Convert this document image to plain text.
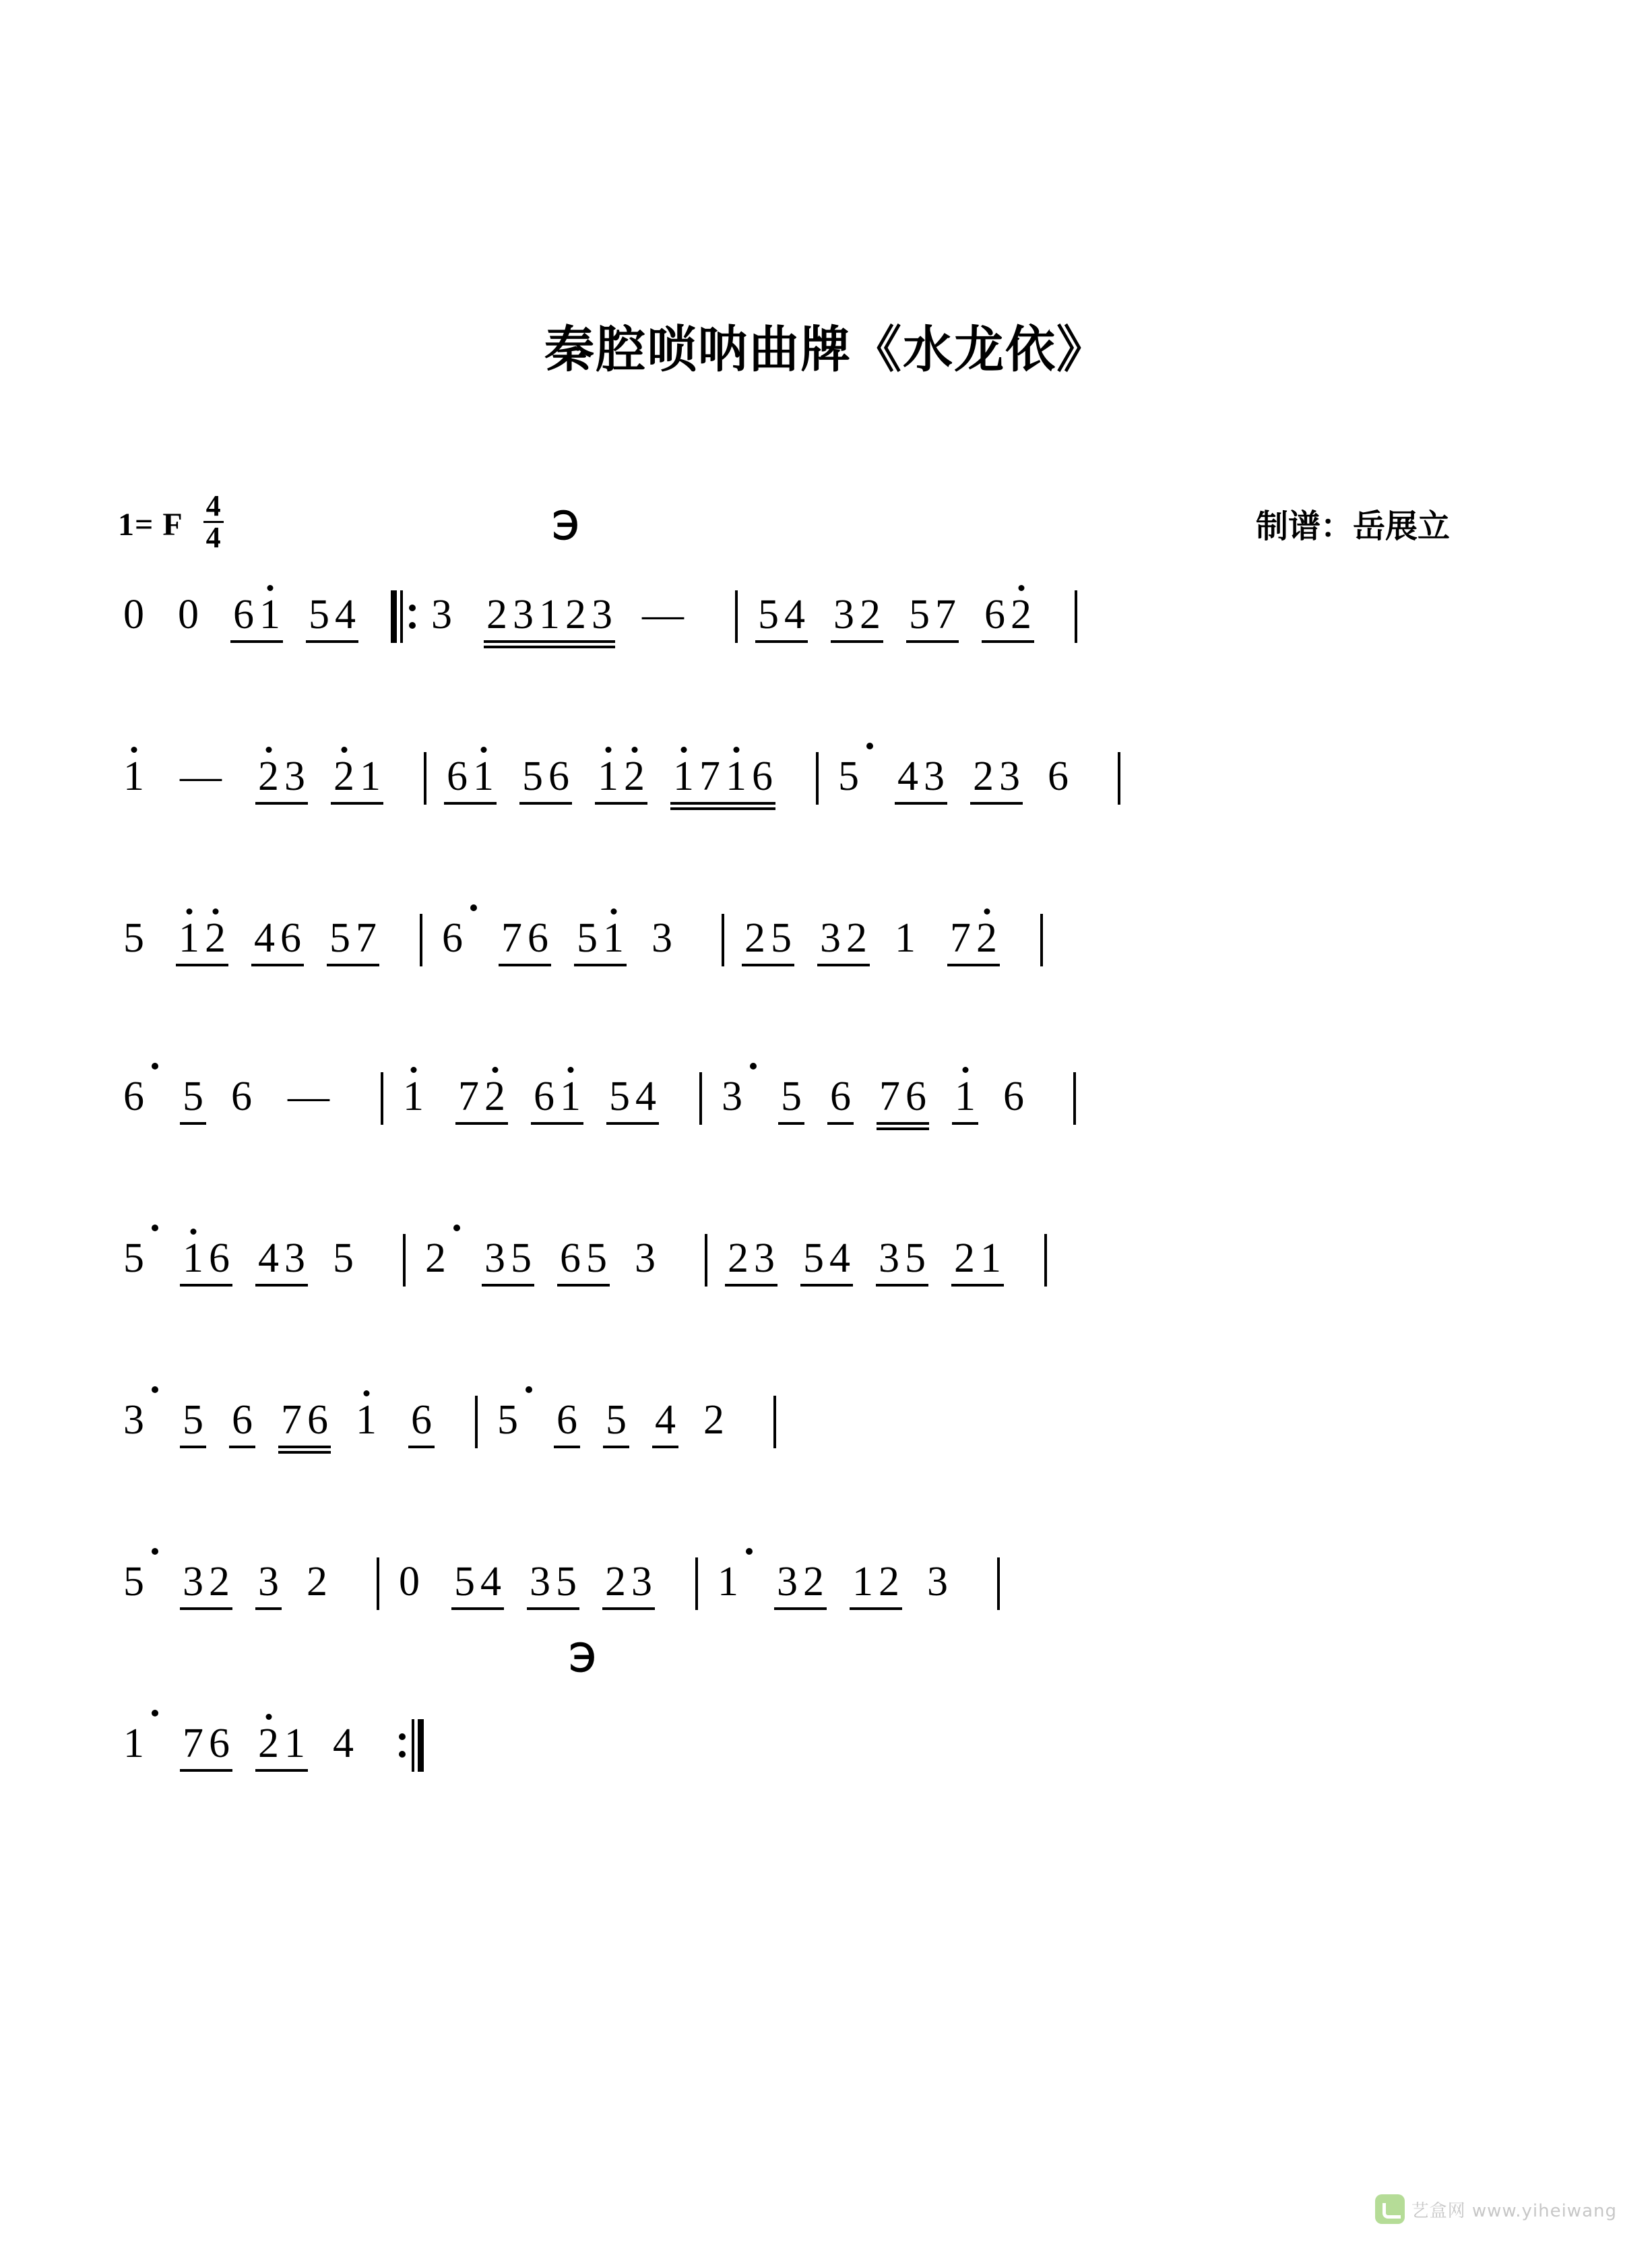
秦腔唢呐曲牌《水龙依》
1= F $\frac{4}{4}$	制谱：岳展立
℈
℈
0 0 6 1 5 4 3 2 3 1 2 3 — 5 4 3 2 5 7 6 2
1 — 2 3 2 1 6 1 5 6 1 2 1 7 1 6 5 4 3 2 3 6
5 1 2 4 6 5 7 6 7 6 5 1 3 2 5 3 2 1 7 2
6 5 6 — 1 7 2 6 1 5 4 3 5 6 7 6 1 6
5 1 6 4 3 5 2 3 5 6 5 3 2 3 5 4 3 5 2 1
3 5 6 7 6 1 6 5 6 5 4 2
5 3 2 3 2 0 5 4 3 5 2 3 1 3 2 1 2 3
1 7 6 2 1 4
艺盒网 www.yiheiwang
